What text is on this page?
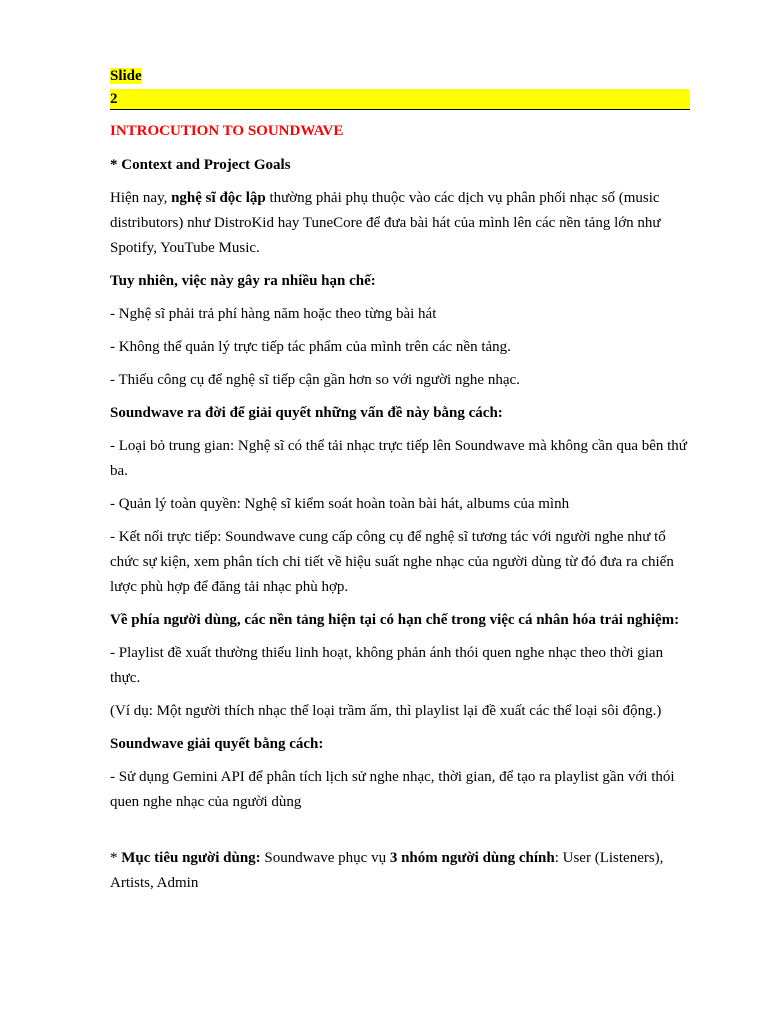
Slide
2
INTROCUTION TO SOUNDWAVE

* Context and Project Goals

Hiện nay, nghệ sĩ độc lập thường phải phụ thuộc vào các dịch vụ phân phối nhạc số (music distributors) như DistroKid hay TuneCore để đưa bài hát của mình lên các nền tảng lớn như Spotify, YouTube Music.

Tuy nhiên, việc này gây ra nhiều hạn chế:

- Nghệ sĩ phải trả phí hàng năm hoặc theo từng bài hát

- Không thể quản lý trực tiếp tác phẩm của mình trên các nền tảng.

- Thiếu công cụ để nghệ sĩ tiếp cận gần hơn so với người nghe nhạc.

Soundwave ra đời để giải quyết những vấn đề này bằng cách:

- Loại bỏ trung gian: Nghệ sĩ có thể tải nhạc trực tiếp lên Soundwave mà không cần qua bên thứ ba.

- Quản lý toàn quyền: Nghệ sĩ kiểm soát hoàn toàn bài hát, albums của mình

- Kết nối trực tiếp: Soundwave cung cấp công cụ để nghệ sĩ tương tác với người nghe như tổ chức sự kiện, xem phân tích chi tiết về hiệu suất nghe nhạc của người dùng từ đó đưa ra chiến lược phù hợp để đăng tải nhạc phù hợp.

Về phía người dùng, các nền tảng hiện tại có hạn chế trong việc cá nhân hóa trải nghiệm:

- Playlist đề xuất thường thiếu linh hoạt, không phản ánh thói quen nghe nhạc theo thời gian thực.

(Ví dụ: Một người thích nhạc thể loại trầm ấm, thì playlist lại đề xuất các thể loại sôi động.)

Soundwave giải quyết bằng cách:

- Sử dụng Gemini API để phân tích lịch sử nghe nhạc, thời gian, để tạo ra playlist gần với thói quen nghe nhạc của người dùng

* Mục tiêu người dùng: Soundwave phục vụ 3 nhóm người dùng chính: User (Listeners), Artists, Admin
